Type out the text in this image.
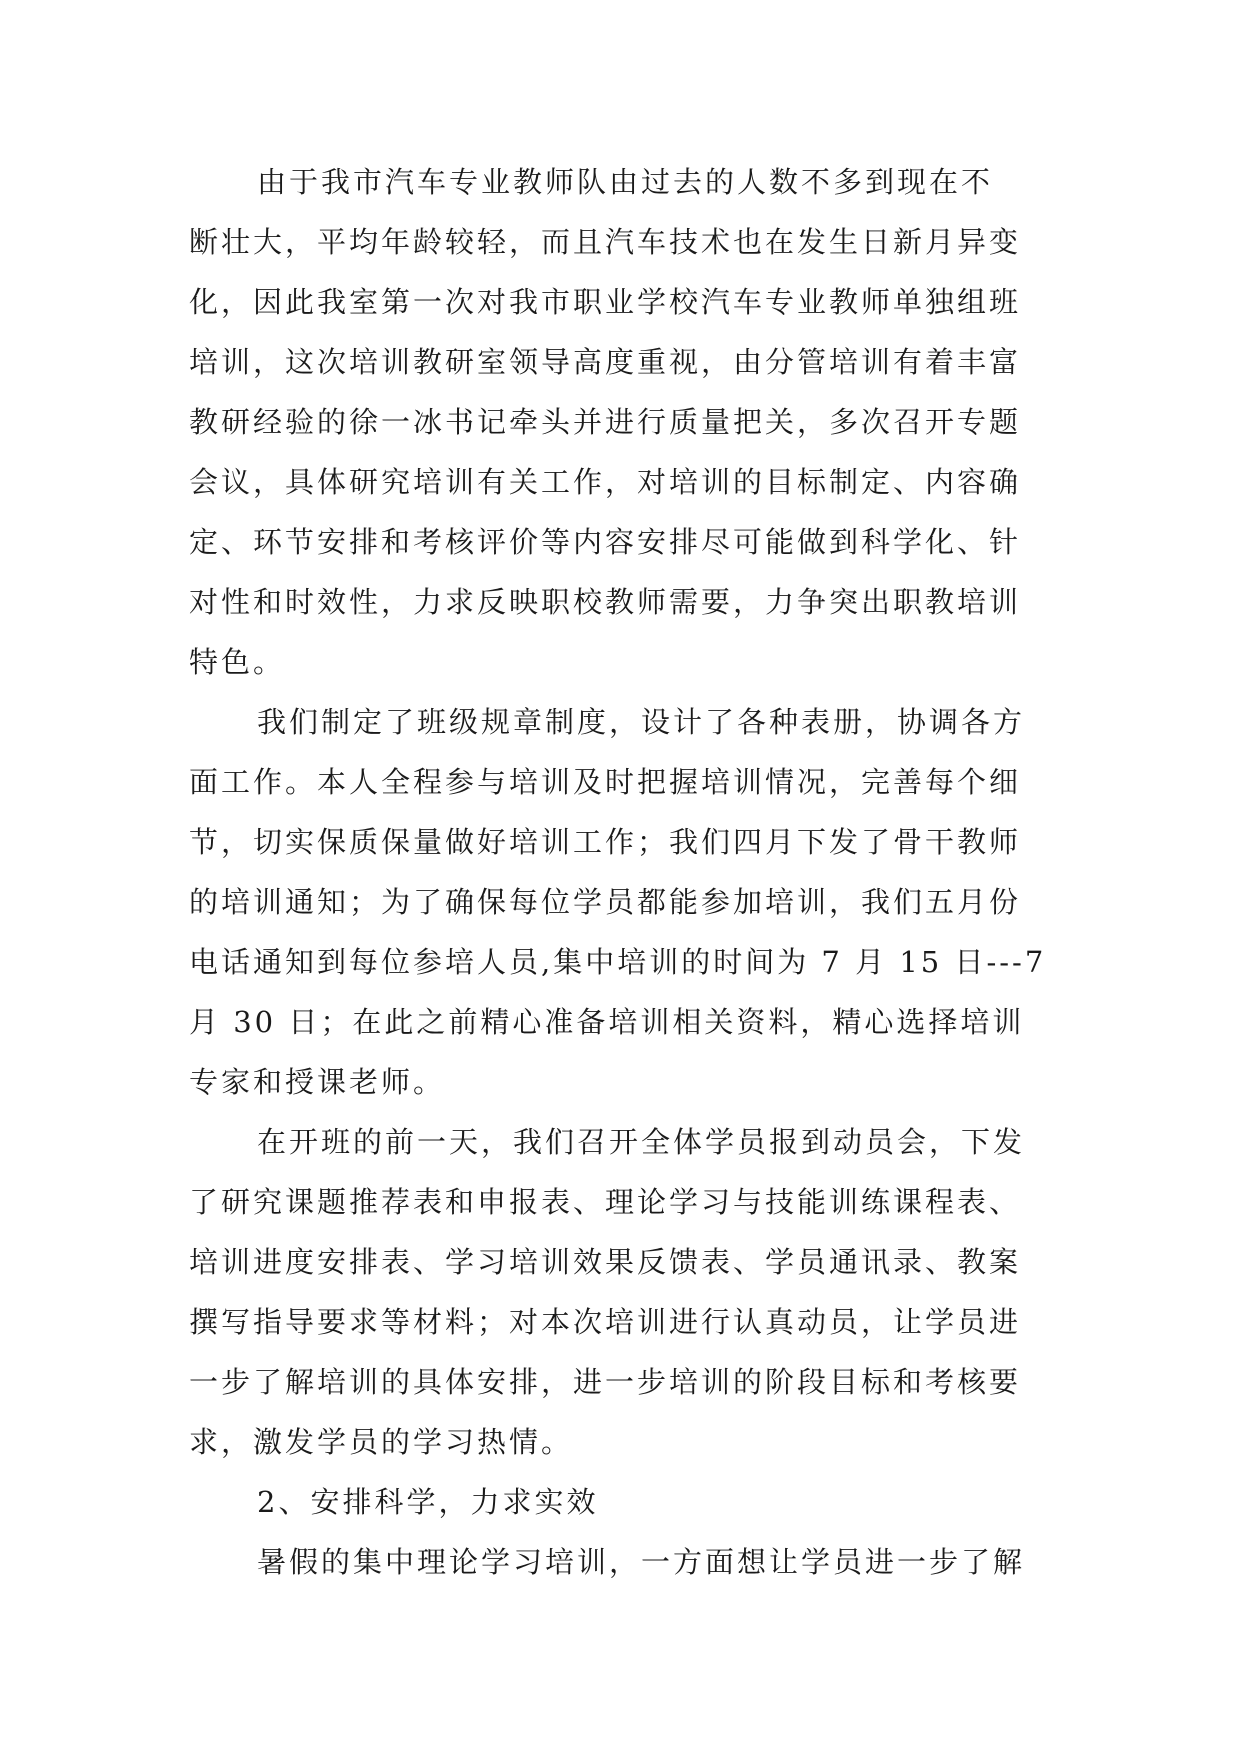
由于我市汽车专业教师队由过去的人数不多到现在不
断壮大，平均年龄较轻，而且汽车技术也在发生日新月异变
化，因此我室第一次对我市职业学校汽车专业教师单独组班
培训，这次培训教研室领导高度重视，由分管培训有着丰富
教研经验的徐一冰书记牵头并进行质量把关，多次召开专题
会议，具体研究培训有关工作，对培训的目标制定、内容确
定、环节安排和考核评价等内容安排尽可能做到科学化、针
对性和时效性，力求反映职校教师需要，力争突出职教培训
特色。
我们制定了班级规章制度，设计了各种表册，协调各方
面工作。本人全程参与培训及时把握培训情况，完善每个细
节，切实保质保量做好培训工作；我们四月下发了骨干教师
的培训通知；为了确保每位学员都能参加培训，我们五月份
电话通知到每位参培人员,集中培训的时间为 7 月 15 日---7
月 30 日；在此之前精心准备培训相关资料，精心选择培训
专家和授课老师。
在开班的前一天，我们召开全体学员报到动员会，下发
了研究课题推荐表和申报表、理论学习与技能训练课程表、
培训进度安排表、学习培训效果反馈表、学员通讯录、教案
撰写指导要求等材料；对本次培训进行认真动员，让学员进
一步了解培训的具体安排，进一步培训的阶段目标和考核要
求，激发学员的学习热情。
2、安排科学，力求实效
暑假的集中理论学习培训，一方面想让学员进一步了解
